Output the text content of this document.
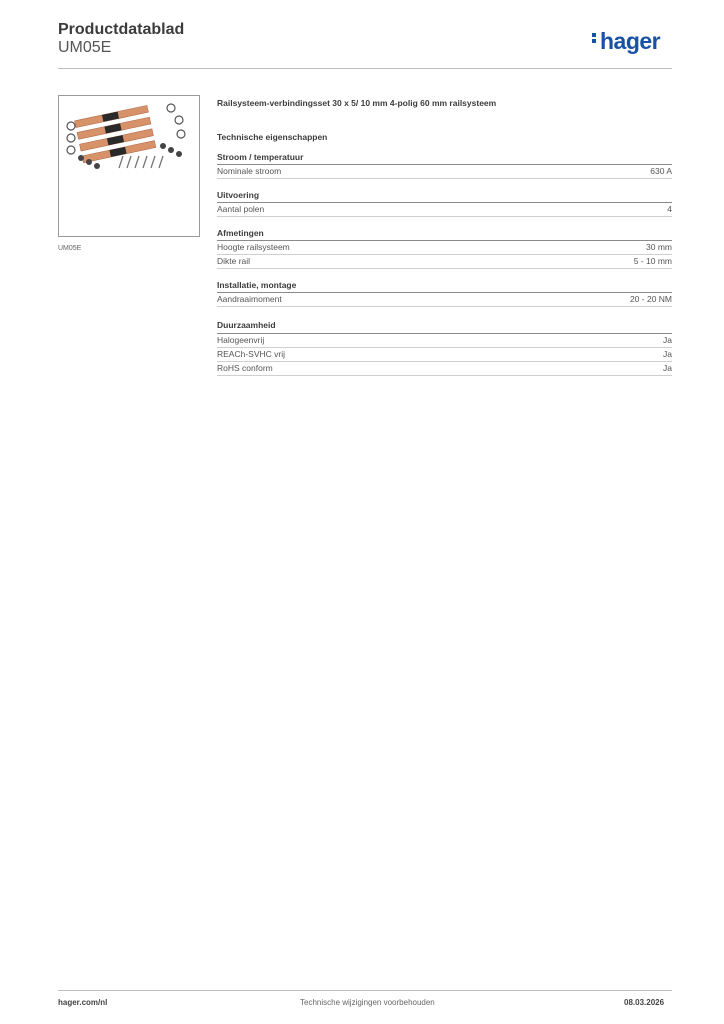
Productdatablad
UM05E	hager
UM05E
Railsysteem-verbindingsset 30 x 5/ 10 mm 4-polig 60 mm railsysteem
Technische eigenschappen
Stroom / temperatuur
Nominale stroom	630 A
Uitvoering
Aantal polen	4
Afmetingen
Hoogte railsysteem	30 mm
Dikte rail	5 - 10 mm
Installatie, montage
Aandraaimoment	20 - 20 NM
Duurzaamheid
Halogeenvrij	Ja
REACh-SVHC vrij	Ja
RoHS conform	Ja
hager.com/nl	Technische wijzigingen voorbehouden	08.03.2026
